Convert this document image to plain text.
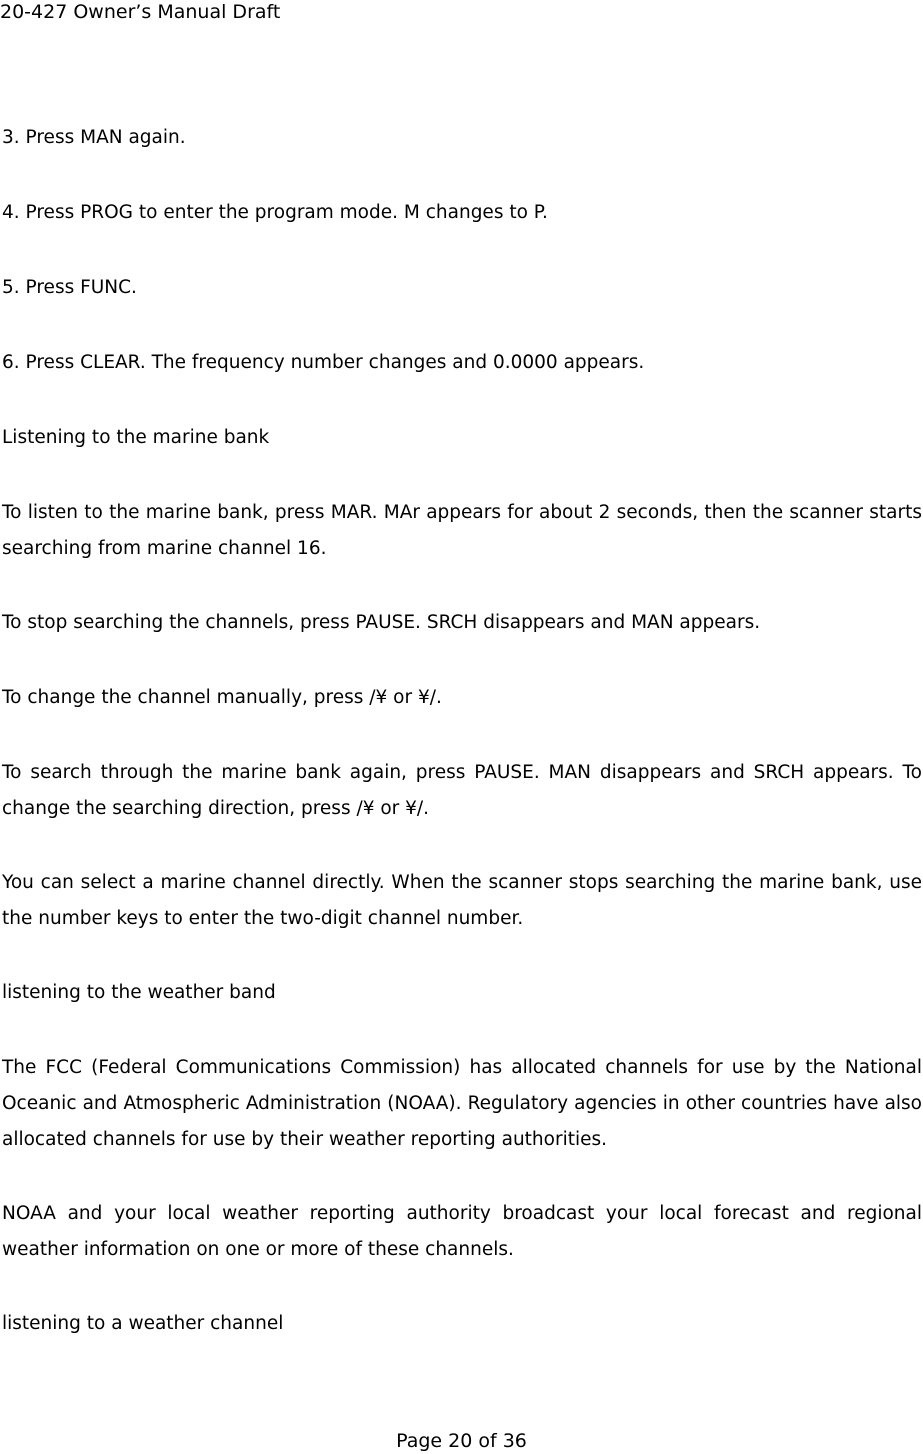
20-427 Owner’s Manual Draft

3. Press MAN again.

4. Press PROG to enter the program mode. M changes to P.

5. Press FUNC.

6. Press CLEAR. The frequency number changes and 0.0000 appears.

Listening to the marine bank

To listen to the marine bank, press MAR. MAr appears for about 2 seconds, then the scanner starts searching from marine channel 16.

To stop searching the channels, press PAUSE. SRCH disappears and MAN appears.

To change the channel manually, press /¥ or ¥/.

To search through the marine bank again, press PAUSE. MAN disappears and SRCH appears. To change the searching direction, press /¥ or ¥/.

You can select a marine channel directly. When the scanner stops searching the marine bank, use the number keys to enter the two-digit channel number.

listening to the weather band

The FCC (Federal Communications Commission) has allocated channels for use by the National Oceanic and Atmospheric Administration (NOAA). Regulatory agencies in other countries have also allocated channels for use by their weather reporting authorities.

NOAA and your local weather reporting authority broadcast your local forecast and regional weather information on one or more of these channels.

listening to a weather channel

Page 20 of 36
